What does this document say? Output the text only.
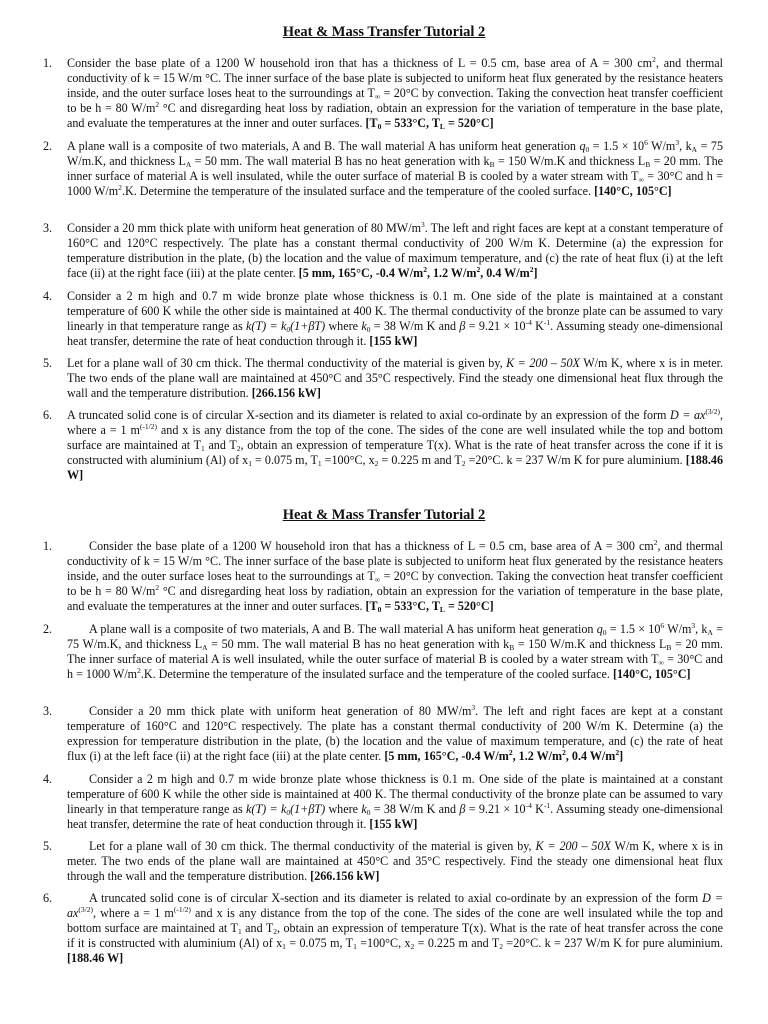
Heat & Mass Transfer Tutorial 2

1. Consider the base plate of a 1200 W household iron that has a thickness of L = 0.5 cm, base area of A = 300 $cm^2$, and thermal conductivity of k = 15 W/m °C. The inner surface of the base plate is subjected to uniform heat flux generated by the resistance heaters inside, and the outer surface loses heat to the surroundings at $T_\infty = 20^\circ C$ by convection. Taking the convection heat transfer coefficient to be h = 80 $W/m^2$ °C and disregarding heat loss by radiation, obtain an expression for the variation of temperature in the base plate, and evaluate the temperatures at the inner and outer surfaces. [$T_0 = 533^\circ C$, $T_L = 520^\circ C$]

2. A plane wall is a composite of two materials, A and B. The wall material A has uniform heat generation $q_0 = 1.5 \times 10^6$ $W/m^3$, $k_A = 75$ W/m.K, and thickness $L_A = 50$ mm. The wall material B has no heat generation with $k_B = 150$ W/m.K and thickness $L_B = 20$ mm. The inner surface of material A is well insulated, while the outer surface of material B is cooled by a water stream with $T_\infty = 30^\circ C$ and h = 1000 $W/m^2.K$. Determine the temperature of the insulated surface and the temperature of the cooled surface. [140°C, 105°C]

3. Consider a 20 mm thick plate with uniform heat generation of 80 $MW/m^3$. The left and right faces are kept at a constant temperature of 160°C and 120°C respectively. The plate has a constant thermal conductivity of 200 W/m K. Determine (a) the expression for temperature distribution in the plate, (b) the location and the value of maximum temperature, and (c) the rate of heat flux (i) at the left face (ii) at the right face (iii) at the plate center. [5 mm, 165°C, -0.4 $W/m^2$, 1.2 $W/m^2$, 0.4 $W/m^2$]

4. Consider a 2 m high and 0.7 m wide bronze plate whose thickness is 0.1 m. One side of the plate is maintained at a constant temperature of 600 K while the other side is maintained at 400 K. The thermal conductivity of the bronze plate can be assumed to vary linearly in that temperature range as $k(T) = k_0(1+\beta T)$ where $k_0 = 38$ W/m K and $\beta = 9.21 \times 10^{-4}$ $K^{-1}$. Assuming steady one-dimensional heat transfer, determine the rate of heat conduction through it. [155 kW]

5. Let for a plane wall of 30 cm thick. The thermal conductivity of the material is given by, K = 200 – 50X W/m K, where x is in meter. The two ends of the plane wall are maintained at 450°C and 35°C respectively. Find the steady one dimensional heat flux through the wall and the temperature distribution. [266.156 kW]

6. A truncated solid cone is of circular X-section and its diameter is related to axial co-ordinate by an expression of the form $D = ax^{(3/2)}$, where a = 1 $m^{(-1/2)}$ and x is any distance from the top of the cone. The sides of the cone are well insulated while the top and bottom surface are maintained at $T_1$ and $T_2$, obtain an expression of temperature T(x). What is the rate of heat transfer across the cone if it is constructed with aluminium (Al) of $x_1 = 0.075$ m, $T_1 =100^\circ C$, $x_2 = 0.225$ m and $T_2 =20^\circ C$. k = 237 W/m K for pure aluminium. [188.46 W]

Heat & Mass Transfer Tutorial 2

1.	Consider the base plate of a 1200 W household iron that has a thickness of L = 0.5 cm, base area of A = 300 $cm^2$, and thermal conductivity of k = 15 W/m °C. The inner surface of the base plate is subjected to uniform heat flux generated by the resistance heaters inside, and the outer surface loses heat to the surroundings at $T_\infty = 20^\circ C$ by convection. Taking the convection heat transfer coefficient to be h = 80 $W/m^2$ °C and disregarding heat loss by radiation, obtain an expression for the variation of temperature in the base plate, and evaluate the temperatures at the inner and outer surfaces. [$T_0 = 533^\circ C$, $T_L = 520^\circ C$]

2.	A plane wall is a composite of two materials, A and B. The wall material A has uniform heat generation $q_0 = 1.5 \times 10^6$ $W/m^3$, $k_A = 75$ W/m.K, and thickness $L_A = 50$ mm. The wall material B has no heat generation with $k_B = 150$ W/m.K and thickness $L_B = 20$ mm. The inner surface of material A is well insulated, while the outer surface of material B is cooled by a water stream with $T_\infty = 30^\circ C$ and h = 1000 $W/m^2.K$. Determine the temperature of the insulated surface and the temperature of the cooled surface. [140°C, 105°C]

3.	Consider a 20 mm thick plate with uniform heat generation of 80 $MW/m^3$. The left and right faces are kept at a constant temperature of 160°C and 120°C respectively. The plate has a constant thermal conductivity of 200 W/m K. Determine (a) the expression for temperature distribution in the plate, (b) the location and the value of maximum temperature, and (c) the rate of heat flux (i) at the left face (ii) at the right face (iii) at the plate center. [5 mm, 165°C, -0.4 $W/m^2$, 1.2 $W/m^2$, 0.4 $W/m^2$]

4.	Consider a 2 m high and 0.7 m wide bronze plate whose thickness is 0.1 m. One side of the plate is maintained at a constant temperature of 600 K while the other side is maintained at 400 K. The thermal conductivity of the bronze plate can be assumed to vary linearly in that temperature range as $k(T) = k_0(1+\beta T)$ where $k_0 = 38$ W/m K and $\beta = 9.21 \times 10^{-4}$ $K^{-1}$. Assuming steady one-dimensional heat transfer, determine the rate of heat conduction through it. [155 kW]

5.	Let for a plane wall of 30 cm thick. The thermal conductivity of the material is given by, K = 200 – 50X W/m K, where x is in meter. The two ends of the plane wall are maintained at 450°C and 35°C respectively. Find the steady one dimensional heat flux through the wall and the temperature distribution. [266.156 kW]

6.	A truncated solid cone is of circular X-section and its diameter is related to axial co-ordinate by an expression of the form $D = ax^{(3/2)}$, where a = 1 $m^{(-1/2)}$ and x is any distance from the top of the cone. The sides of the cone are well insulated while the top and bottom surface are maintained at $T_1$ and $T_2$, obtain an expression of temperature T(x). What is the rate of heat transfer across the cone if it is constructed with aluminium (Al) of $x_1 = 0.075$ m, $T_1 =100^\circ C$, $x_2 = 0.225$ m and $T_2 =20^\circ C$. k = 237 W/m K for pure aluminium. [188.46 W]
